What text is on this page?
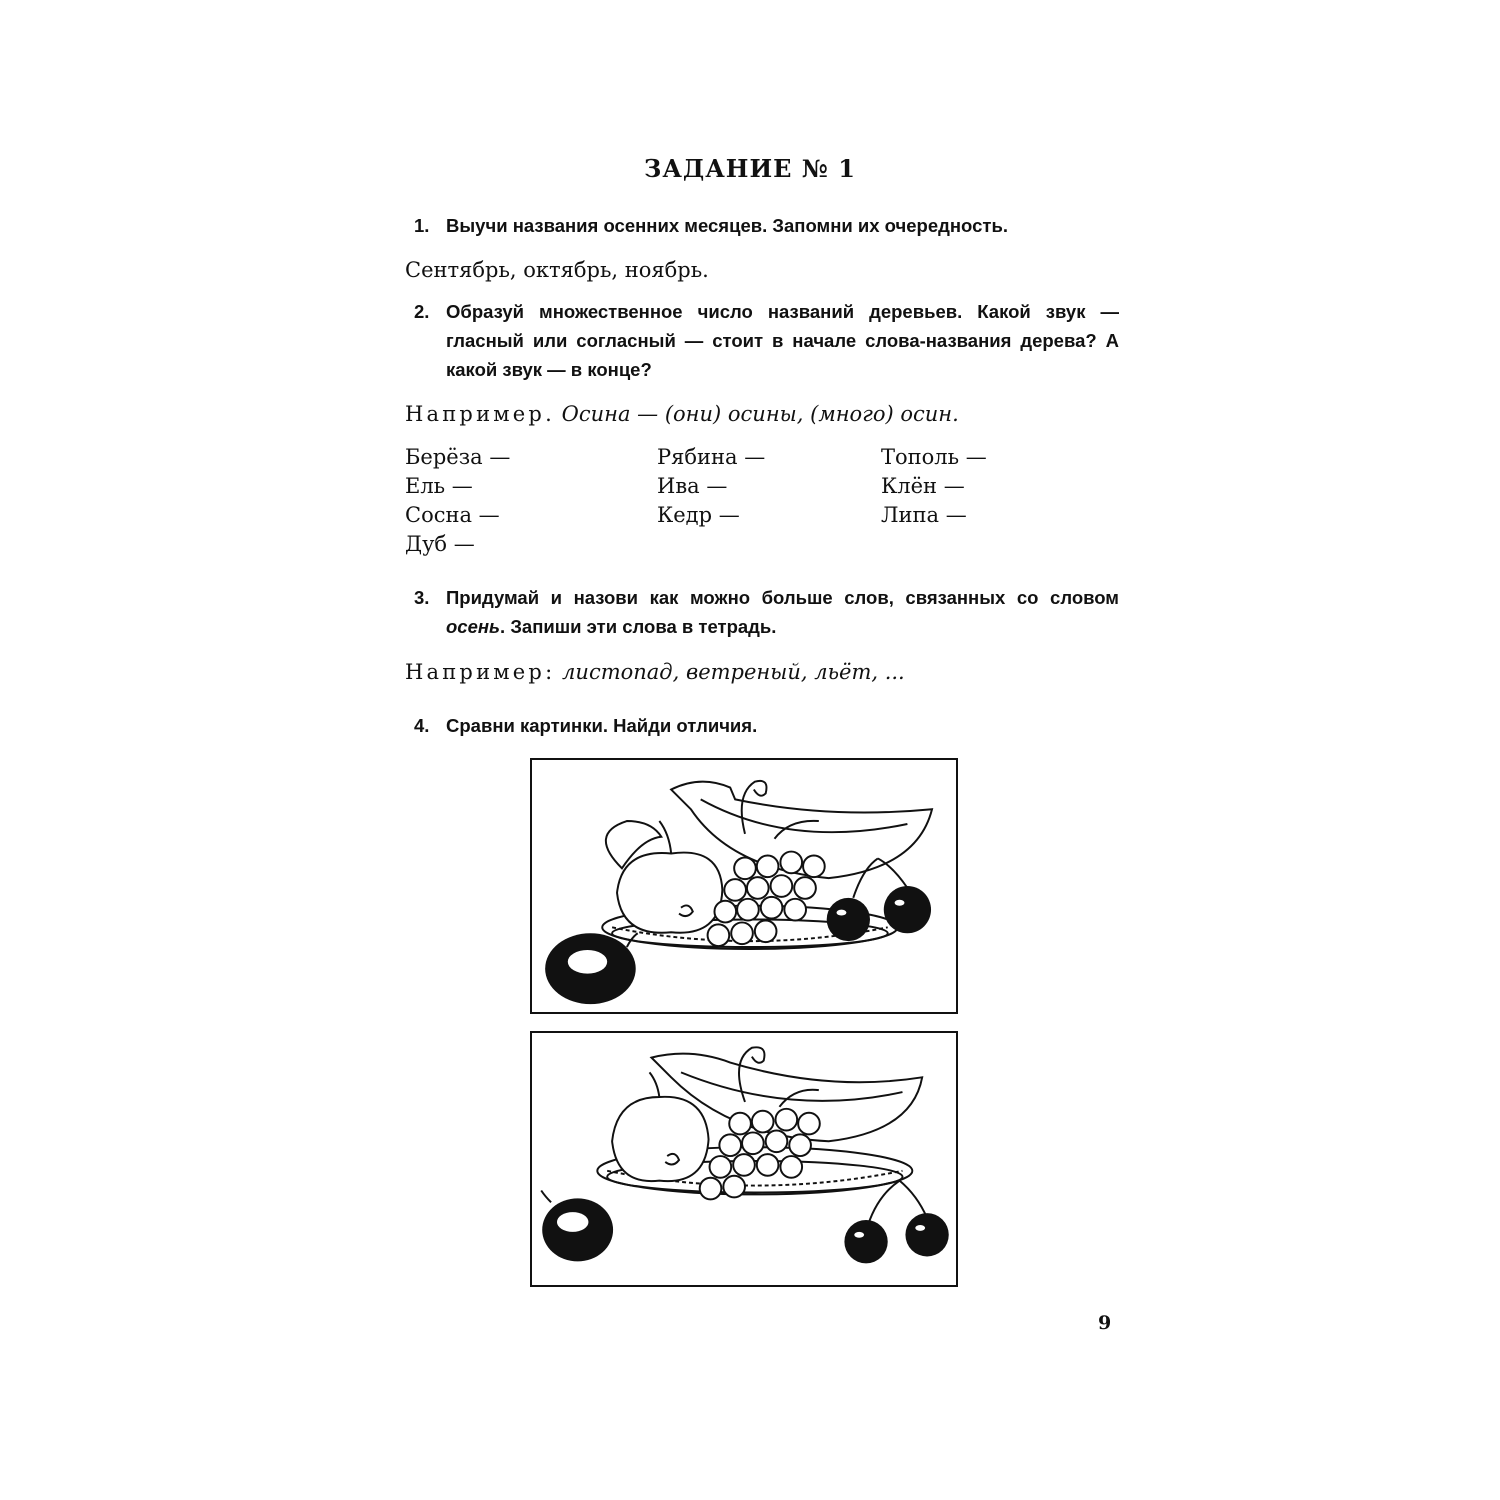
ЗАДАНИЕ № 1
1. Выучи названия осенних месяцев. Запомни их очередность.
Сентябрь, октябрь, ноябрь.
2. Образуй множественное число названий деревьев. Какой звук — гласный или согласный — стоит в начале слова-названия дерева? А какой звук — в конце?
Например. Осина — (они) осины, (много) осин.
Берёза —
Ель —
Сосна —
Дуб —
Рябина —
Ива —
Кедр —
Тополь —
Клён —
Липа —
3. Придумай и назови как можно больше слов, связанных со словом осень. Запиши эти слова в тетрадь.
Например: листопад, ветреный, льёт, ...
4. Сравни картинки. Найди отличия.
9
